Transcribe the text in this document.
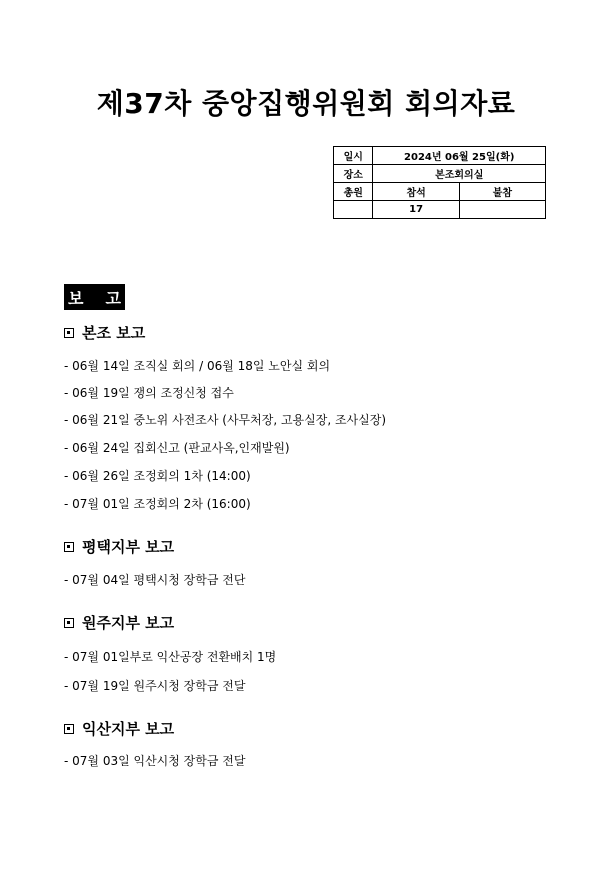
제37차 중앙집행위원회 회의자료
일시	2024년 06월 25일(화)	
장소	본조회의실	
총원	참석	불참
	17	
보 고
본조 보고
- 06월 14일 조직실 회의 / 06월 18일 노안실 회의
- 06월 19일 쟁의 조정신청 접수
- 06월 21일 중노위 사전조사 (사무처장, 고용실장, 조사실장)
- 06월 24일 집회신고 (판교사옥,인재발원)
- 06월 26일 조정회의 1차 (14:00)
- 07월 01일 조정회의 2차 (16:00)
평택지부 보고
- 07월 04일 평택시청 장학금 전단
원주지부 보고
- 07월 01일부로 익산공장 전환배치 1명
- 07월 19일 원주시청 장학금 전달
익산지부 보고
- 07월 03일 익산시청 장학금 전달
